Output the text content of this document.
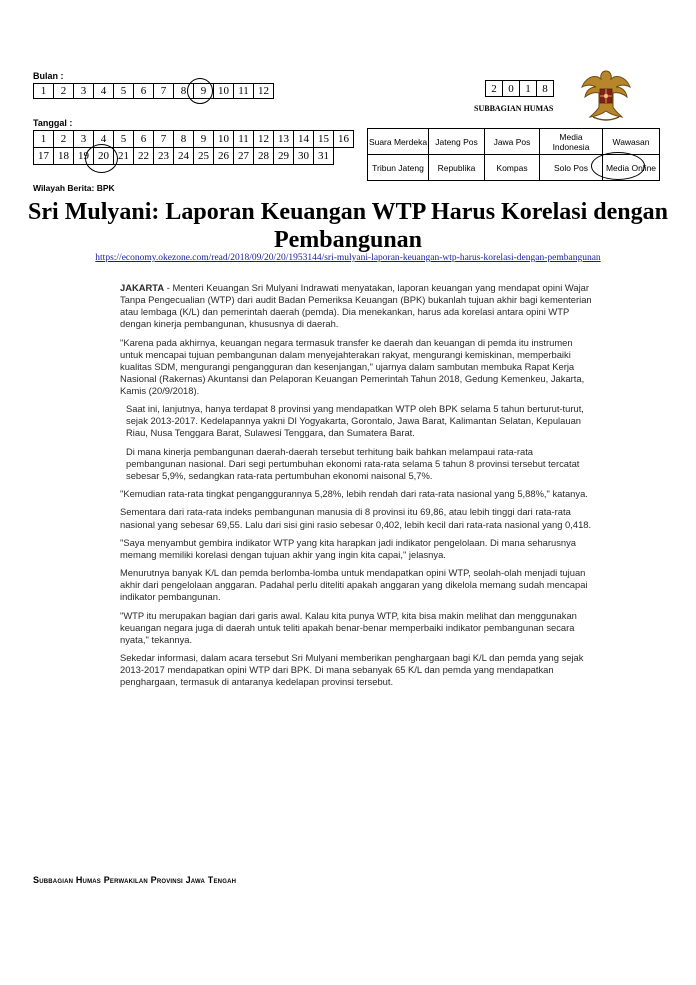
Bulan :
1	2	3	4	5	6	7	8	9	10	11	12
Tanggal :
1	2	3	4	5	6	7	8	9	10	11	12	13	14	15	16
17	18	19	20	21	22	23	24	25	26	27	28	29	30	31	
2	0	1	8
SUBBAGIAN HUMAS
Suara Merdeka	Jateng Pos	Jawa Pos	Media Indonesia	Wawasan
Tribun Jateng	Republika	Kompas	Solo Pos	Media Online
Wilayah Berita: BPK
Sri Mulyani: Laporan Keuangan WTP Harus Korelasi dengan Pembangunan
https://economy.okezone.com/read/2018/09/20/20/1953144/sri-mulyani-laporan-keuangan-wtp-harus-korelasi-dengan-pembangunan

JAKARTA - Menteri Keuangan Sri Mulyani Indrawati menyatakan, laporan keuangan yang mendapat opini Wajar Tanpa Pengecualian (WTP) dari audit Badan Pemeriksa Keuangan (BPK) bukanlah tujuan akhir bagi kementerian atau lembaga (K/L) dan pemerintah daerah (pemda). Dia menekankan, harus ada korelasi antara opini WTP dengan kinerja pembangunan, khususnya di daerah.

"Karena pada akhirnya, keuangan negara termasuk transfer ke daerah dan keuangan di pemda itu instrumen untuk mencapai tujuan pembangunan dalam menyejahterakan rakyat, mengurangi kemiskinan, memperbaiki kualitas SDM, mengurangi pengangguran dan kesenjangan," ujarnya dalam sambutan membuka Rapat Kerja Nasional (Rakernas) Akuntansi dan Pelaporan Keuangan Pemerintah Tahun 2018, Gedung Kemenkeu, Jakarta, Kamis (20/9/2018).

Saat ini, lanjutnya, hanya terdapat 8 provinsi yang mendapatkan WTP oleh BPK selama 5 tahun berturut-turut, sejak 2013-2017. Kedelapannya yakni DI Yogyakarta, Gorontalo, Jawa Barat, Kalimantan Selatan, Kepulauan Riau, Nusa Tenggara Barat, Sulawesi Tenggara, dan Sumatera Barat.

Di mana kinerja pembangunan daerah-daerah tersebut terhitung baik bahkan melampaui rata-rata pembangunan nasional. Dari segi pertumbuhan ekonomi rata-rata selama 5 tahun 8 provinsi tersebut tercatat sebesar 5,9%, sedangkan rata-rata pertumbuhan ekonomi naisonal 5,7%.

"Kemudian rata-rata tingkat penganggurannya 5,28%, lebih rendah dari rata-rata nasional yang 5,88%," katanya.

Sementara dari rata-rata indeks pembangunan manusia di 8 provinsi itu 69,86, atau lebih tinggi dari rata-rata nasional yang sebesar 69,55. Lalu dari sisi gini rasio sebesar 0,402, lebih kecil dari rata-rata nasional yang 0,418.

"Saya menyambut gembira indikator WTP yang kita harapkan jadi indikator pengelolaan. Di mana seharusnya memang memiliki korelasi dengan tujuan akhir yang ingin kita capai," jelasnya.

Menurutnya banyak K/L dan pemda berlomba-lomba untuk mendapatkan opini WTP, seolah-olah menjadi tujuan akhir dari pengelolaan anggaran. Padahal perlu diteliti apakah anggaran yang dikelola memang sudah mencapai indikator pembangunan.

"WTP itu merupakan bagian dari garis awal. Kalau kita punya WTP, kita bisa makin melihat dan menggunakan keuangan negara juga di daerah untuk teliti apakah benar-benar memperbaiki indikator pembangunan secara nyata," tekannya.

Sekedar informasi, dalam acara tersebut Sri Mulyani memberikan penghargaan bagi K/L dan pemda yang sejak 2013-2017 mendapatkan opini WTP dari BPK. Di mana sebanyak 65 K/L dan pemda yang mendapatkan penghargaan, termasuk di antaranya kedelapan provinsi tersebut.

Subbagian Humas Perwakilan Provinsi Jawa Tengah
